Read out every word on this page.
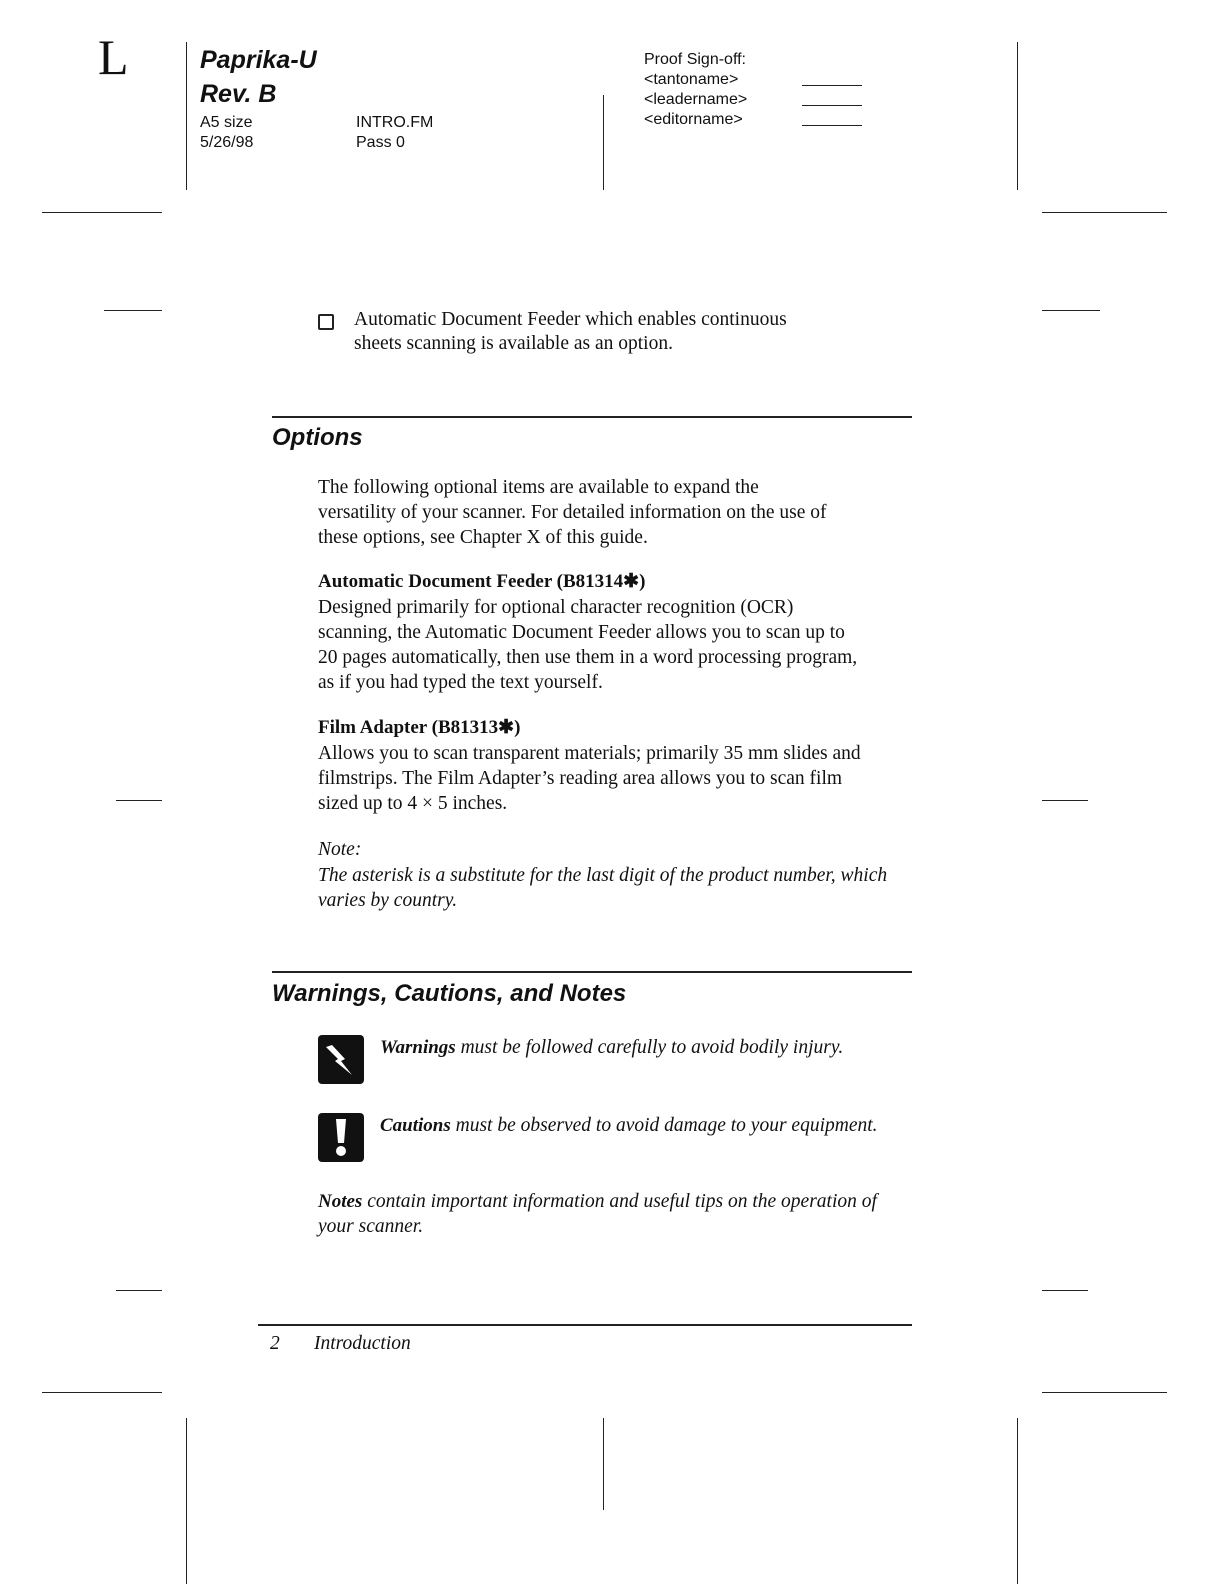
L	Paprika-U
Rev. B
A5 size
5/26/98
INTRO.FM
Pass 0
Proof Sign-off:
<tantoname>
<leadername>
<editorname>
Automatic Document Feeder which enables continuous
sheets scanning is available as an option.
Options
The following optional items are available to expand the
versatility of your scanner. For detailed information on the use of
these options, see Chapter X of this guide.
Automatic Document Feeder (B81314✱)
Designed primarily for optional character recognition (OCR)
scanning, the Automatic Document Feeder allows you to scan up to
20 pages automatically, then use them in a word processing program,
as if you had typed the text yourself.
Film Adapter (B81313✱)
Allows you to scan transparent materials; primarily 35 mm slides and
filmstrips. The Film Adapter’s reading area allows you to scan film
sized up to 4 × 5 inches.
Note:
The asterisk is a substitute for the last digit of the product number, which
varies by country.
Warnings, Cautions, and Notes
Warnings must be followed carefully to avoid bodily injury.
Cautions must be observed to avoid damage to your equipment.
Notes contain important information and useful tips on the operation of
your scanner.
2 Introduction
